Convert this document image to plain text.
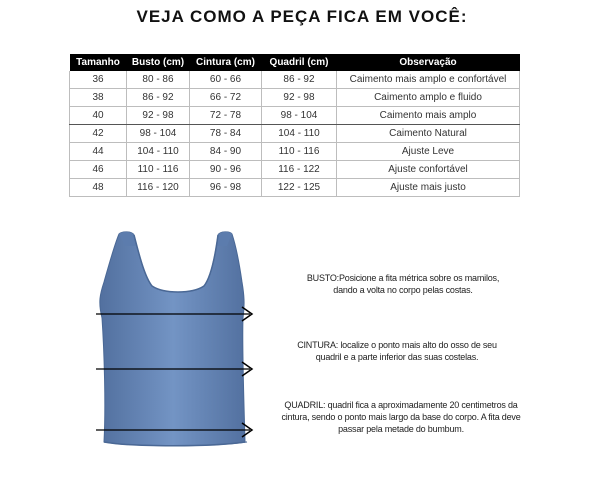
VEJA COMO A PEÇA FICA EM VOCÊ:
Tamanho	Busto (cm)	Cintura (cm)	Quadril (cm)	Observação
36	80 - 86	60 - 66	86 - 92	Caimento mais amplo e confortável
38	86 - 92	66 - 72	92 - 98	Caimento amplo e fluido
40	92 - 98	72 - 78	98 - 104	Caimento mais amplo
42	98 - 104	78 - 84	104 - 110	Caimento Natural
44	104 - 110	84 - 90	110 - 116	Ajuste Leve
46	110 - 116	90 - 96	116 - 122	Ajuste confortável
48	116 - 120	96 - 98	122 - 125	Ajuste mais justo
BUSTO:Posicione a fita métrica sobre os mamilos, dando a volta no corpo pelas costas.
CINTURA: localize o ponto mais alto do osso de seu quadril e a parte inferior das suas costelas.
QUADRIL: quadril fica a aproximadamente 20 centimetros da cintura, sendo o ponto mais largo da base do corpo. A fita deve passar pela metade do bumbum.
